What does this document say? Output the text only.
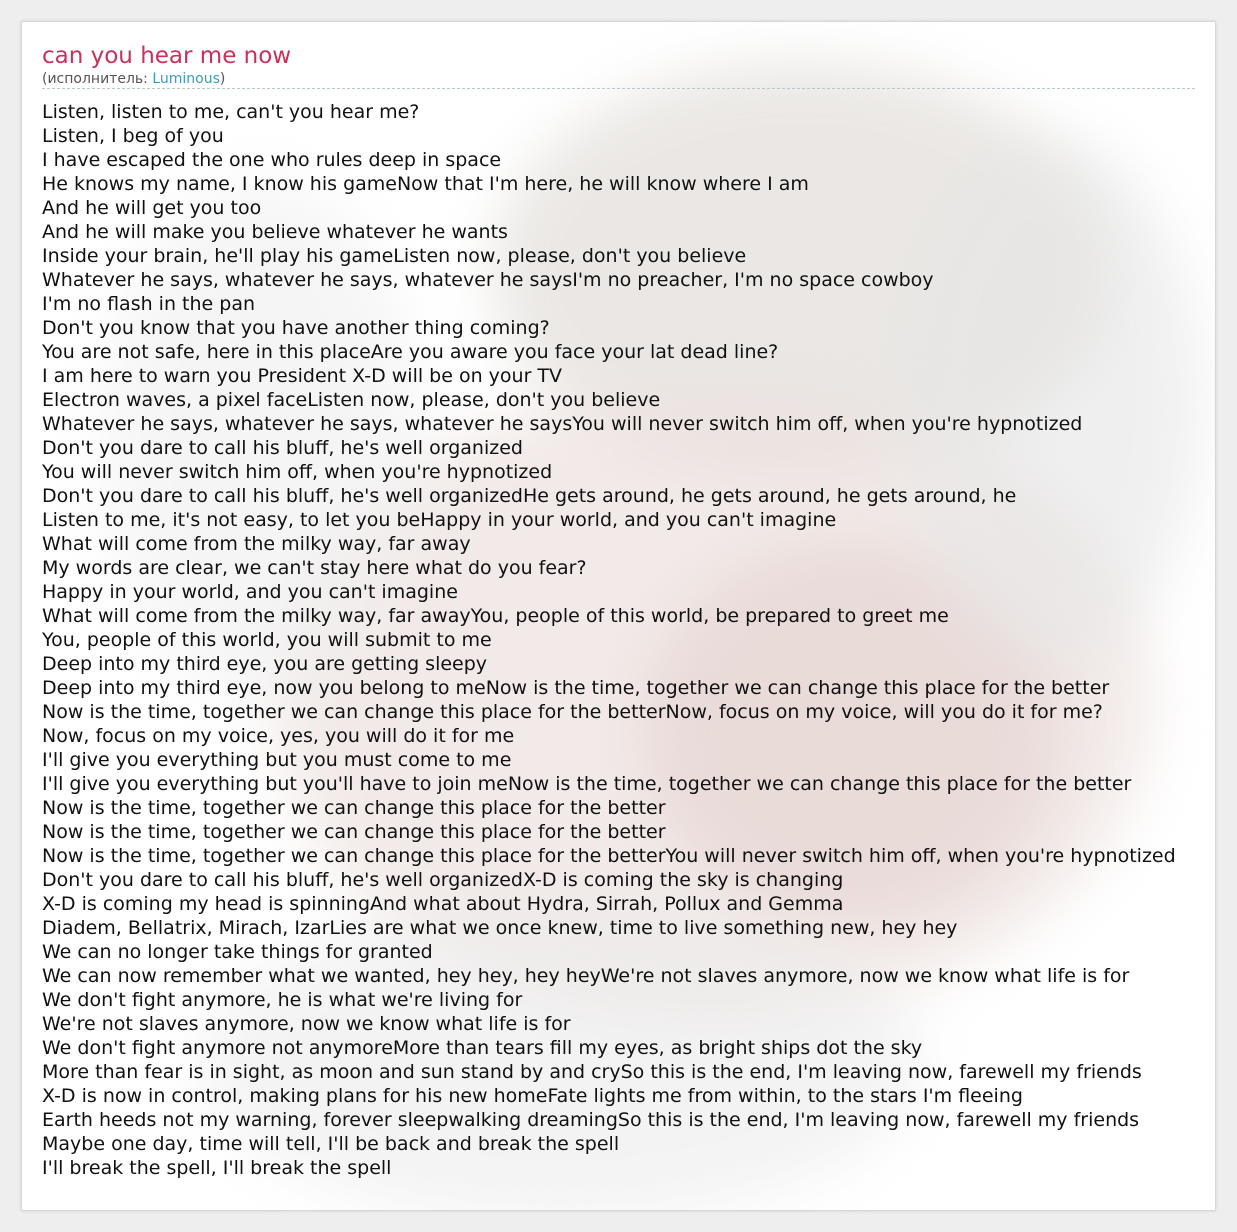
can you hear me now
(исполнитель: Luminous)
Listen, listen to me, can't you hear me?
Listen, I beg of you
I have escaped the one who rules deep in space
He knows my name, I know his gameNow that I'm here, he will know where I am
And he will get you too
And he will make you believe whatever he wants
Inside your brain, he'll play his gameListen now, please, don't you believe
Whatever he says, whatever he says, whatever he saysI'm no preacher, I'm no space cowboy
I'm no flash in the pan
Don't you know that you have another thing coming?
You are not safe, here in this placeAre you aware you face your lat dead line?
I am here to warn you President X-D will be on your TV
Electron waves, a pixel faceListen now, please, don't you believe
Whatever he says, whatever he says, whatever he saysYou will never switch him off, when you're hypnotized
Don't you dare to call his bluff, he's well organized
You will never switch him off, when you're hypnotized
Don't you dare to call his bluff, he's well organizedHe gets around, he gets around, he gets around, he
Listen to me, it's not easy, to let you beHappy in your world, and you can't imagine
What will come from the milky way, far away
My words are clear, we can't stay here what do you fear?
Happy in your world, and you can't imagine
What will come from the milky way, far awayYou, people of this world, be prepared to greet me
You, people of this world, you will submit to me
Deep into my third eye, you are getting sleepy
Deep into my third eye, now you belong to meNow is the time, together we can change this place for the better
Now is the time, together we can change this place for the betterNow, focus on my voice, will you do it for me?
Now, focus on my voice, yes, you will do it for me
I'll give you everything but you must come to me
I'll give you everything but you'll have to join meNow is the time, together we can change this place for the better
Now is the time, together we can change this place for the better
Now is the time, together we can change this place for the better
Now is the time, together we can change this place for the betterYou will never switch him off, when you're hypnotized
Don't you dare to call his bluff, he's well organizedX-D is coming the sky is changing
X-D is coming my head is spinningAnd what about Hydra, Sirrah, Pollux and Gemma
Diadem, Bellatrix, Mirach, IzarLies are what we once knew, time to live something new, hey hey
We can no longer take things for granted
We can now remember what we wanted, hey hey, hey heyWe're not slaves anymore, now we know what life is for
We don't fight anymore, he is what we're living for
We're not slaves anymore, now we know what life is for
We don't fight anymore not anymoreMore than tears fill my eyes, as bright ships dot the sky
More than fear is in sight, as moon and sun stand by and crySo this is the end, I'm leaving now, farewell my friends
X-D is now in control, making plans for his new homeFate lights me from within, to the stars I'm fleeing
Earth heeds not my warning, forever sleepwalking dreamingSo this is the end, I'm leaving now, farewell my friends
Maybe one day, time will tell, I'll be back and break the spell
I'll break the spell, I'll break the spell
